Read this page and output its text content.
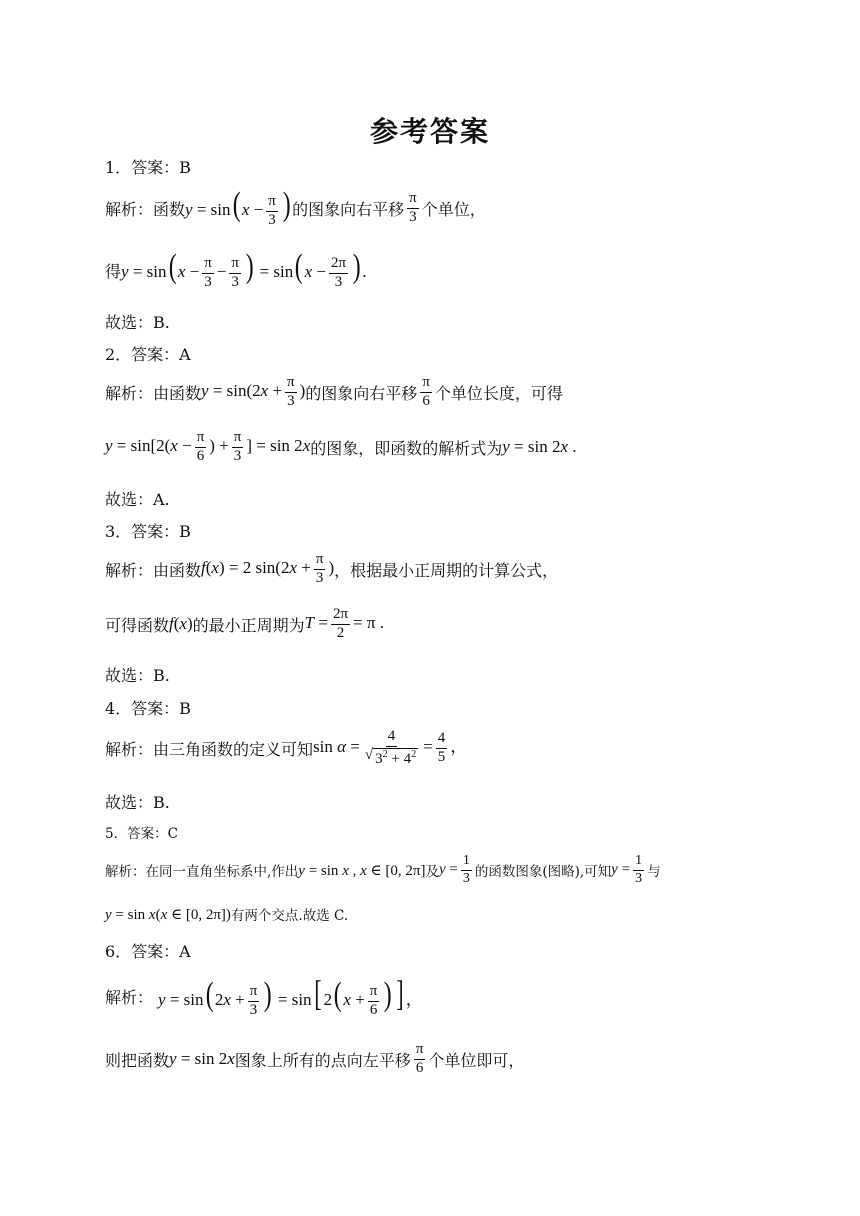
参考答案
1．答案：B
解析：函数 $y = \sin(x - \frac{\pi}{3}$ ) 的图象向右平移 $\frac{\pi}{3}$ 个单位，
得 $y = \sin(x - \frac{\pi}{3} - \frac{\pi}{3}$ ) = $\sin(x - \frac{2\pi}{3}$ ).
故选：B.
2．答案：A
解析：由函数 $y = \sin(2x + \frac{\pi}{3}$ ) 的图象向右平移 $\frac{\pi}{6}$ 个单位长度，可得
$y = \sin[2(x - \frac{\pi}{6}$ ) + $\frac{\pi}{3}$ ] = sin 2x 的图象，即函数的解析式为 y = sin 2x .
故选：A.
3．答案：B
解析：由函数 f(x) = 2 $\sin(2x + \frac{\pi}{3}$ ) ，根据最小正周期的计算公式，
可得函数 f(x) 的最小正周期为 $T = \frac{2\pi}{2} = \pi$ .
故选：B.
4．答案：B
解析：由三角函数的定义可知 $\sin \alpha = \frac{4}{√ 3^2 + 4^2} = \frac{4}{5}$ ，
故选：B.
5．答案：C
解析：在同一直角坐标系中,作出 y = sin x , x ∈ [0, 2π] 及 $y = \frac{1}{3}$ 的函数图象(图略),可知 $y = \frac{1}{3}$ 与
y = sin x(x ∈ [0, 2π]) 有两个交点.故选 C.
6．答案：A
解析： $y = \sin(2x + \frac{\pi}{3}$ ) = sin[ $2(x + \frac{\pi}{6}$ ) ] ，
则把函数 y = sin 2x 图象上所有的点向左平移 $\frac{\pi}{6}$ 个单位即可，
